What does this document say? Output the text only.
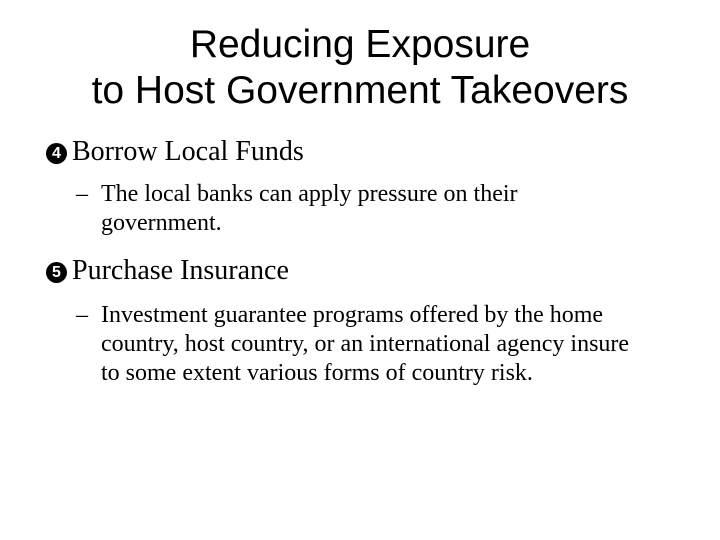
Reducing Exposure
to Host Government Takeovers
4 Borrow Local Funds
– The local banks can apply pressure on their government.
5 Purchase Insurance
– Investment guarantee programs offered by the home country, host country, or an international agency insure to some extent various forms of country risk.
